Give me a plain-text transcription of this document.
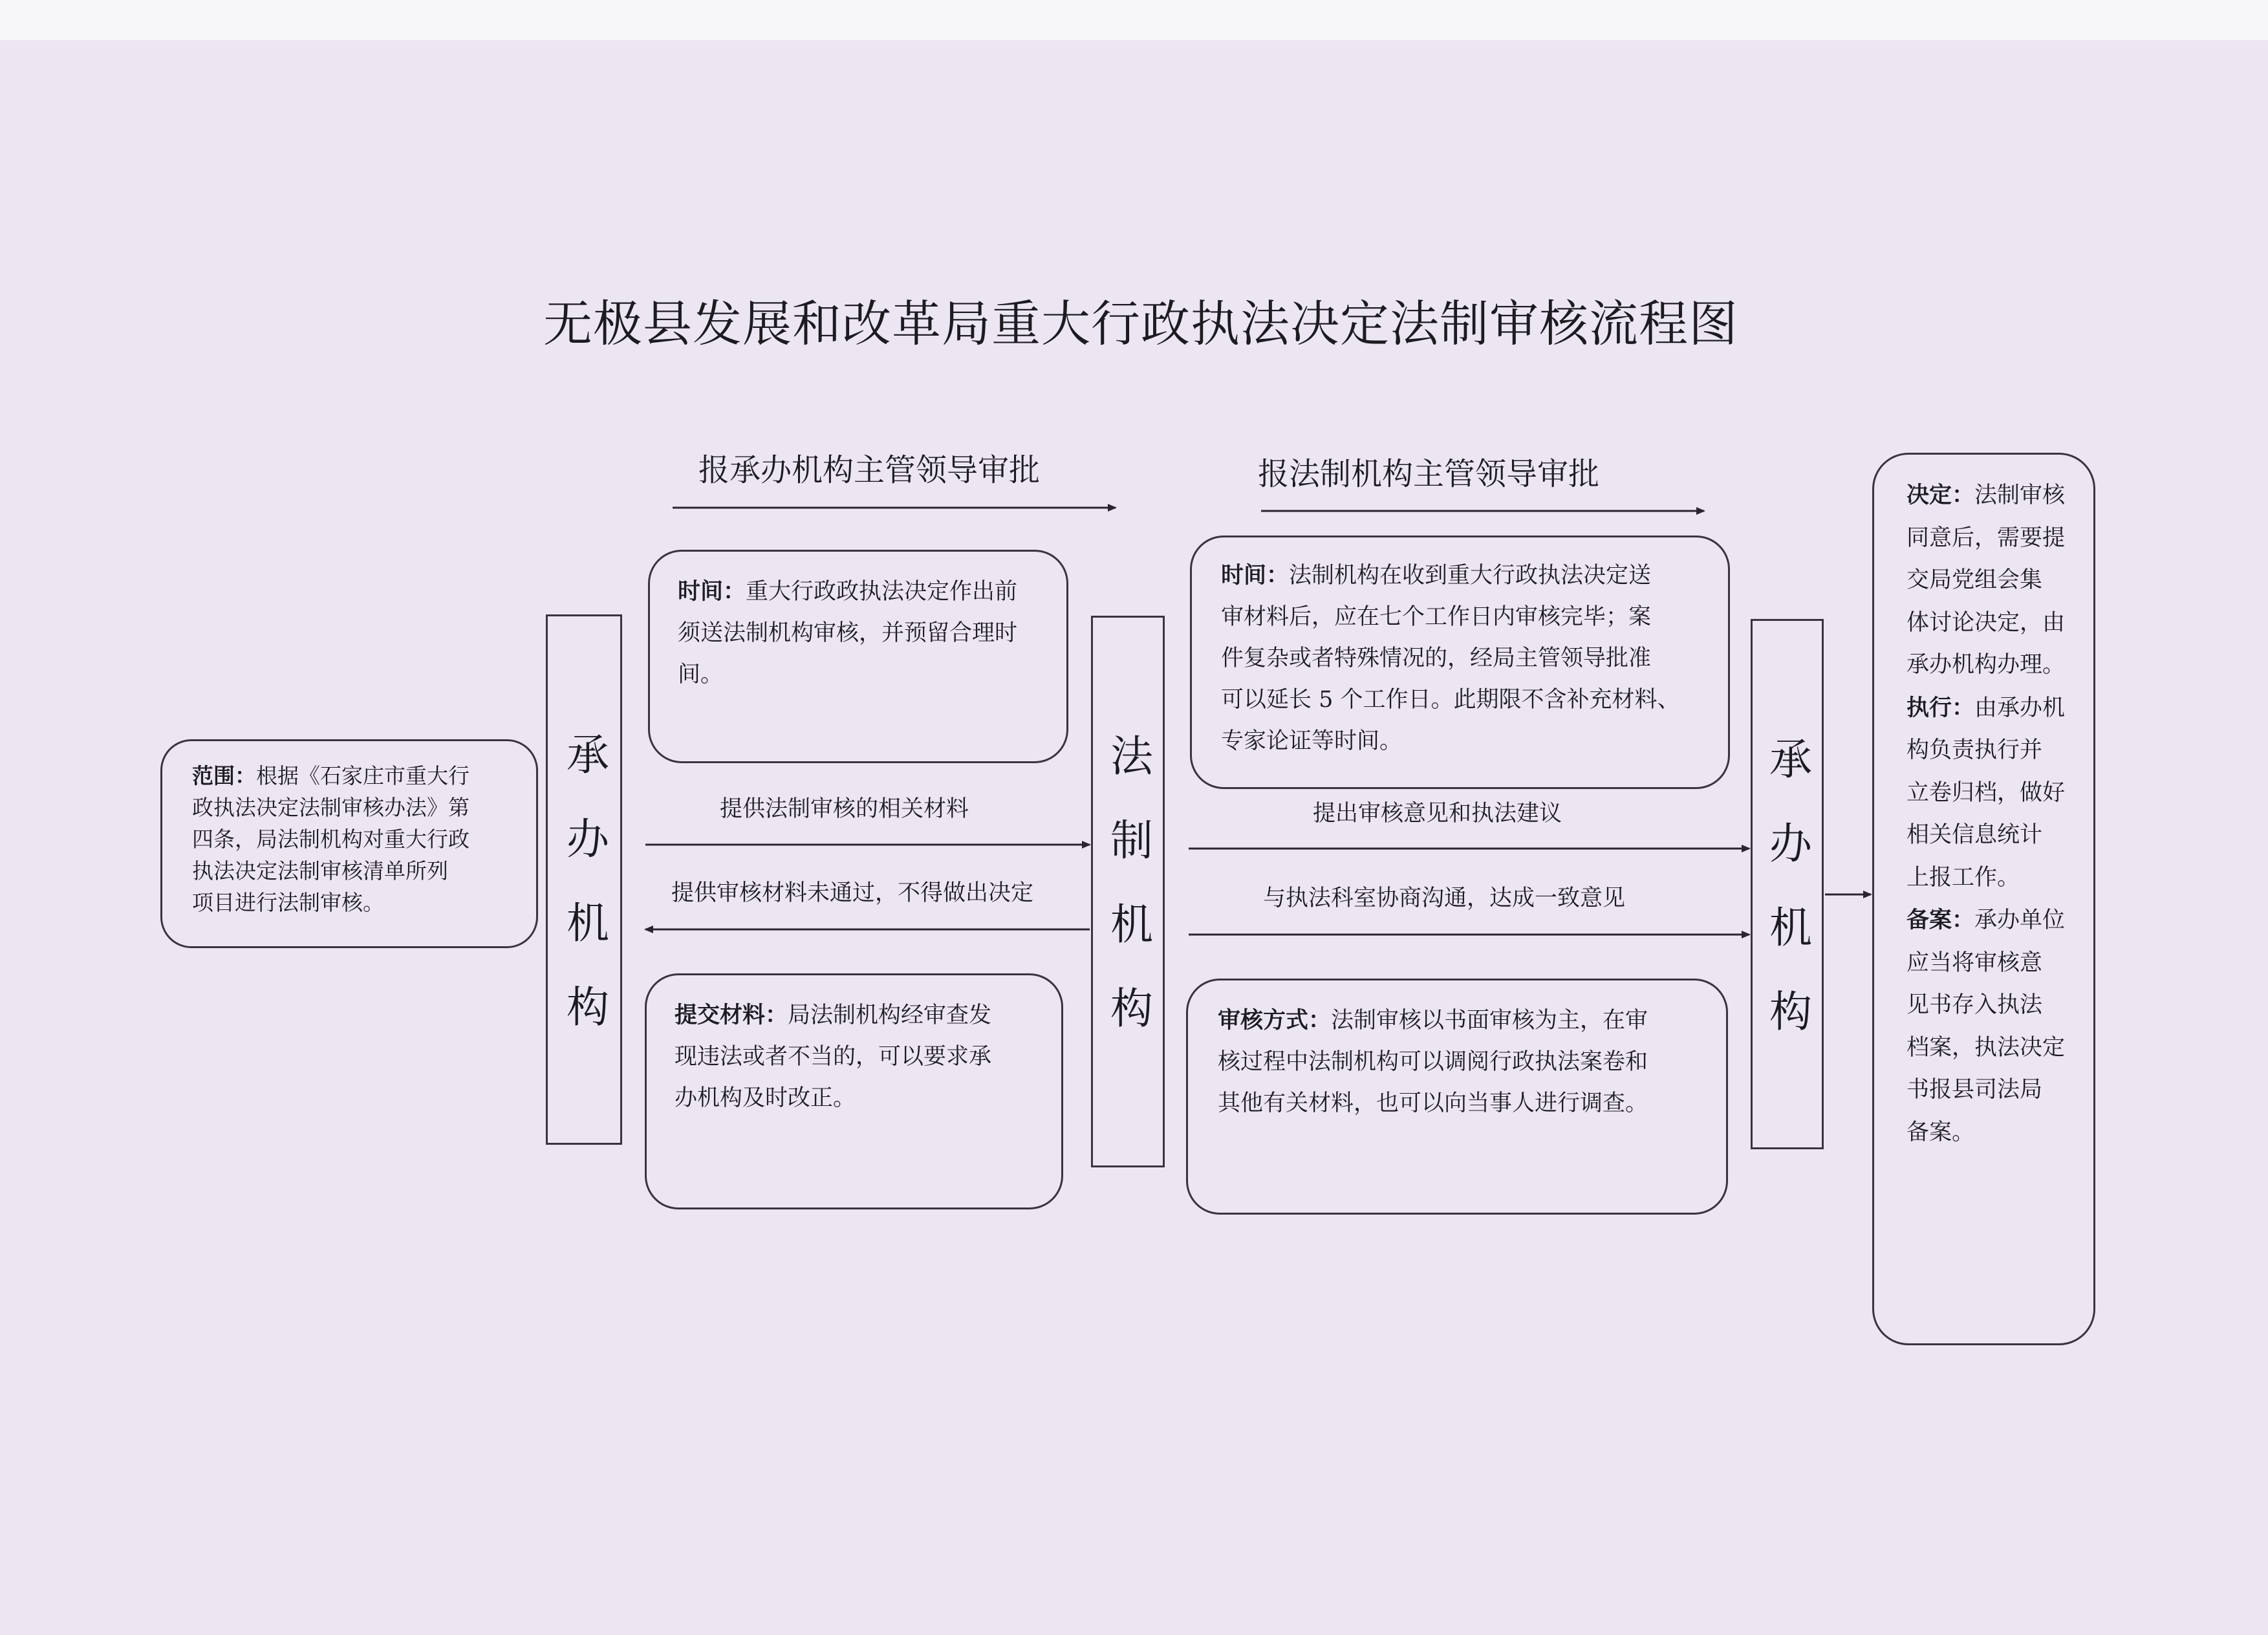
无极县发展和改革局重大行政执法决定法制审核流程图
报承办机构主管领导审批	报法制机构主管领导审批
范围：根据《石家庄市重大行
政执法决定法制审核办法》第
四条，局法制机构对重大行政
执法决定法制审核清单所列
项目进行法制审核。
承办机构
法制机构
承办机构
时间：重大行政政执法决定作出前
须送法制机构审核，并预留合理时
间。
提交材料：局法制机构经审查发
现违法或者不当的，可以要求承
办机构及时改正。
时间：法制机构在收到重大行政执法决定送
审材料后，应在七个工作日内审核完毕；案
件复杂或者特殊情况的，经局主管领导批准
可以延长 5 个工作日。此期限不含补充材料、
专家论证等时间。
审核方式：法制审核以书面审核为主，在审
核过程中法制机构可以调阅行政执法案卷和
其他有关材料，也可以向当事人进行调查。
决定：法制审核
同意后，需要提
交局党组会集
体讨论决定，由
承办机构办理。
执行：由承办机
构负责执行并
立卷归档，做好
相关信息统计
上报工作。
备案：承办单位
应当将审核意
见书存入执法
档案，执法决定
书报县司法局
备案。
提供法制审核的相关材料
提供审核材料未通过，不得做出决定
提出审核意见和执法建议
与执法科室协商沟通，达成一致意见
